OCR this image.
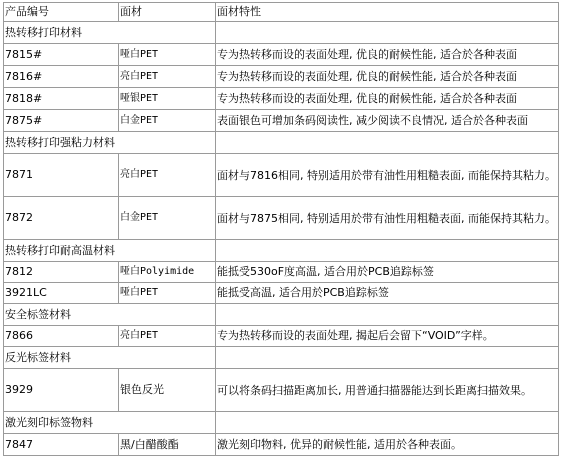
产品编号	面材	面材特性
热转移打印材料		
7815#	哑白PET	专为热转移而设的表面处理, 优良的耐候性能, 适合於各种表面
7816#	亮白PET	专为热转移而设的表面处理, 优良的耐候性能, 适合於各种表面
7818#	哑银PET	专为热转移而设的表面处理, 优良的耐候性能, 适合於各种表面
7875#	白金PET	表面银色可增加条码阅读性, 减少阅读不良情况, 适合於各种表面
热转移打印强粘力材料		
7871	亮白PET	面材与7816相同, 特别适用於带有油性用粗糙表面, 而能保持其粘力。
7872	白金PET	面材与7875相同, 特别适用於带有油性用粗糙表面, 而能保持其粘力。
热转移打印耐高温材料		
7812	哑白Polyimide	能抵受530oF度高温, 适合用於PCB追踪标签
3921LC	哑白PET	能抵受高温, 适合用於PCB追踪标签
安全标签材料		
7866	亮白PET	专为热转移而设的表面处理, 揭起后会留下“VOID”字样。
反光标签材料		
3929	银色反光	可以将条码扫描距离加长, 用普通扫描器能达到长距离扫描效果。
激光刻印标签物料		
7847	黑/白醋酸酯	激光刻印物料, 优异的耐候性能, 适用於各种表面。
